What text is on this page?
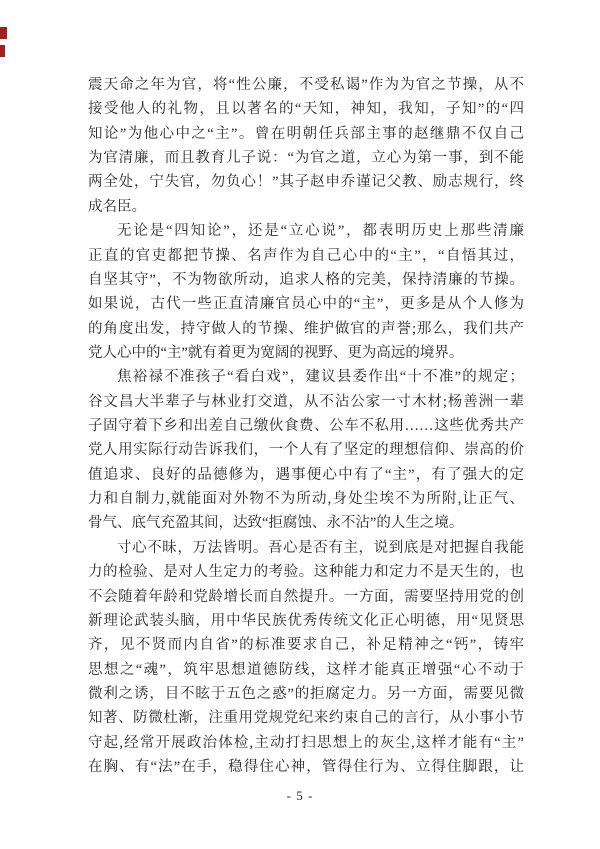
震天命之年为官，将“性公廉，不受私谒”作为为官之节操，从不
接受他人的礼物，且以著名的“天知，神知，我知，子知”的“四
知论”为他心中之“主”。曾在明朝任兵部主事的赵继鼎不仅自己
为官清廉，而且教育儿子说：“为官之道，立心为第一事，到不能
两全处，宁失官，勿负心！”其子赵申乔谨记父教、励志规行，终
成名臣。
无论是“四知论”，还是“立心说”，都表明历史上那些清廉
正直的官吏都把节操、名声作为自己心中的“主”，“自悟其过，
自坚其守”，不为物欲所动，追求人格的完美，保持清廉的节操。
如果说，古代一些正直清廉官员心中的“主”，更多是从个人修为
的角度出发，持守做人的节操、维护做官的声誉;那么，我们共产
党人心中的“主”就有着更为宽阔的视野、更为高远的境界。
焦裕禄不准孩子“看白戏”，建议县委作出“十不准”的规定；
谷文昌大半辈子与林业打交道，从不沾公家一寸木材;杨善洲一辈
子固守着下乡和出差自己缴伙食费、公车不私用……这些优秀共产
党人用实际行动告诉我们，一个人有了坚定的理想信仰、崇高的价
值追求、良好的品德修为，遇事便心中有了“主”，有了强大的定
力和自制力,就能面对外物不为所动,身处尘埃不为所附,让正气、
骨气、底气充盈其间，达致“拒腐蚀、永不沾”的人生之境。
寸心不昧，万法皆明。吾心是否有主，说到底是对把握自我能
力的检验、是对人生定力的考验。这种能力和定力不是天生的，也
不会随着年龄和党龄增长而自然提升。一方面，需要坚持用党的创
新理论武装头脑，用中华民族优秀传统文化正心明德，用“见贤思
齐，见不贤而内自省”的标准要求自己，补足精神之“钙”，铸牢
思想之“魂”，筑牢思想道德防线，这样才能真正增强“心不动于
微利之诱，目不眩于五色之惑”的拒腐定力。另一方面，需要见微
知著、防微杜渐，注重用党规党纪来约束自己的言行，从小事小节
守起,经常开展政治体检,主动打扫思想上的灰尘,这样才能有“主”
在胸、有“法”在手，稳得住心神，管得住行为、立得住脚跟，让
- 5 -
